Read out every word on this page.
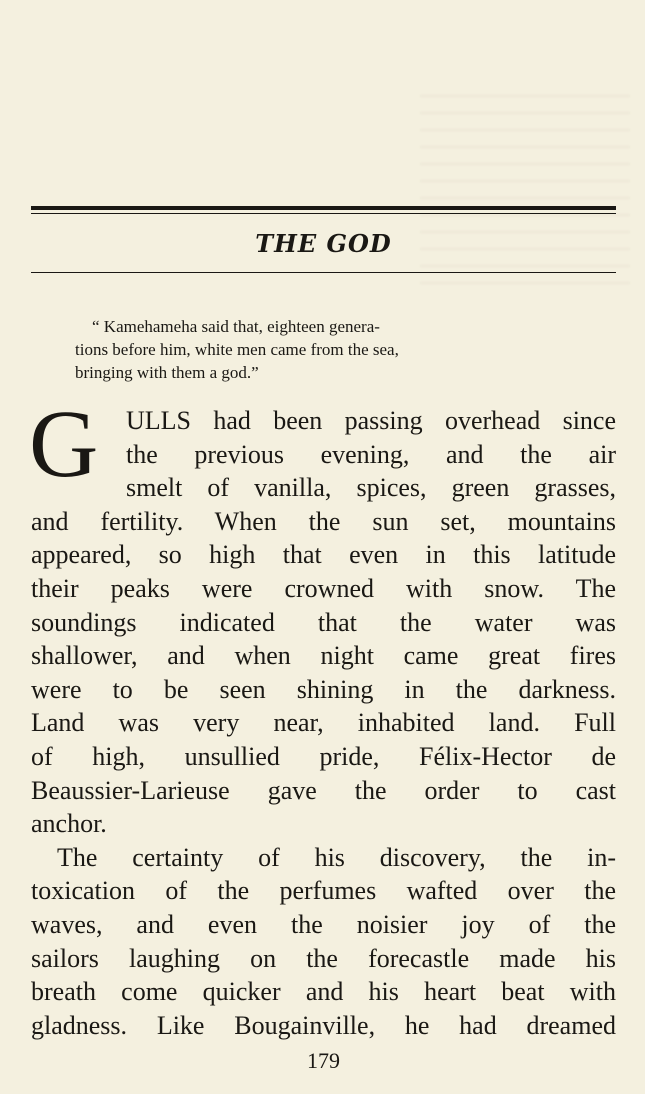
THE GOD
“ Kamehameha said that, eighteen genera-
tions before him, white men came from the sea,
bringing with them a god.”
G	ULLS had been passing overhead since
the previous evening, and the air
smelt of vanilla, spices, green grasses,
and fertility. When the sun set, mountains
appeared, so high that even in this latitude
their peaks were crowned with snow. The
soundings indicated that the water was
shallower, and when night came great fires
were to be seen shining in the darkness.
Land was very near, inhabited land. Full
of high, unsullied pride, Félix-Hector de
Beaussier-Larieuse gave the order to cast
anchor.
The certainty of his discovery, the in-
toxication of the perfumes wafted over the
waves, and even the noisier joy of the
sailors laughing on the forecastle made his
breath come quicker and his heart beat with
gladness. Like Bougainville, he had dreamed
179
